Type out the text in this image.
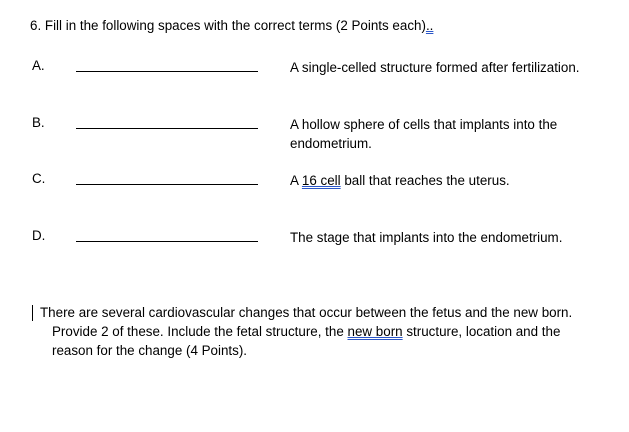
6. Fill in the following spaces with the correct terms (2 Points each)..
A.	A single-celled structure formed after fertilization.
B.	A hollow sphere of cells that implants into the endometrium.
C.	A 16 cell ball that reaches the uterus.
D.	The stage that implants into the endometrium.
There are several cardiovascular changes that occur between the fetus and the new born. Provide 2 of these. Include the fetal structure, the new born structure, location and the reason for the change (4 Points).
